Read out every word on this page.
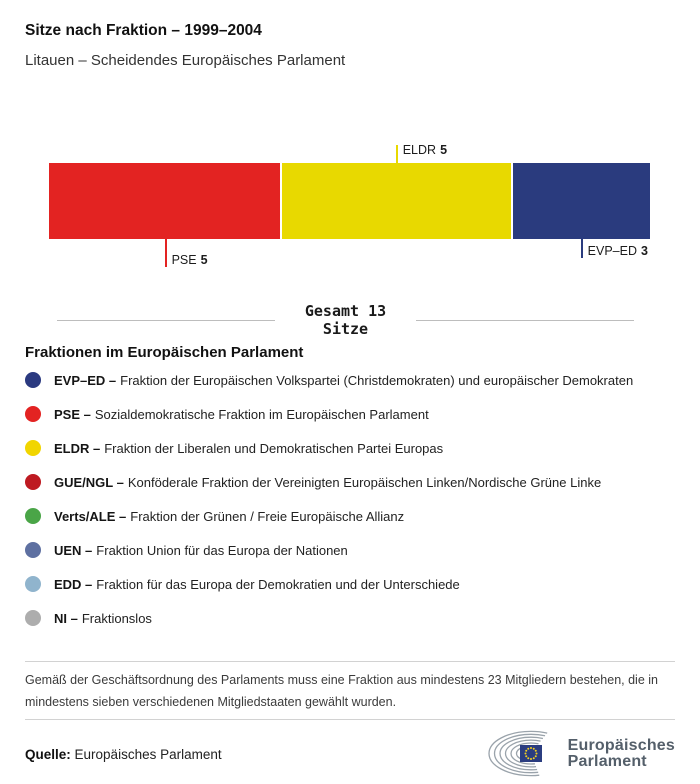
Sitze nach Fraktion – 1999–2004
Litauen – Scheidendes Europäisches Parlament
ELDR 5
PSE 5
EVP–ED 3
Gesamt 13
Sitze
Fraktionen im Europäischen Parlament
EVP–ED – Fraktion der Europäischen Volkspartei (Christdemokraten) und europäischer Demokraten
PSE – Sozialdemokratische Fraktion im Europäischen Parlament
ELDR – Fraktion der Liberalen und Demokratischen Partei Europas
GUE/NGL – Konföderale Fraktion der Vereinigten Europäischen Linken/Nordische Grüne Linke
Verts/ALE – Fraktion der Grünen / Freie Europäische Allianz
UEN – Fraktion Union für das Europa der Nationen
EDD – Fraktion für das Europa der Demokratien und der Unterschiede
NI – Fraktionslos
Gemäß der Geschäftsordnung des Parlaments muss eine Fraktion aus mindestens 23 Mitgliedern bestehen, die in mindestens sieben verschiedenen Mitgliedstaaten gewählt wurden.
Quelle: Europäisches Parlament
Europäisches
Parlament
